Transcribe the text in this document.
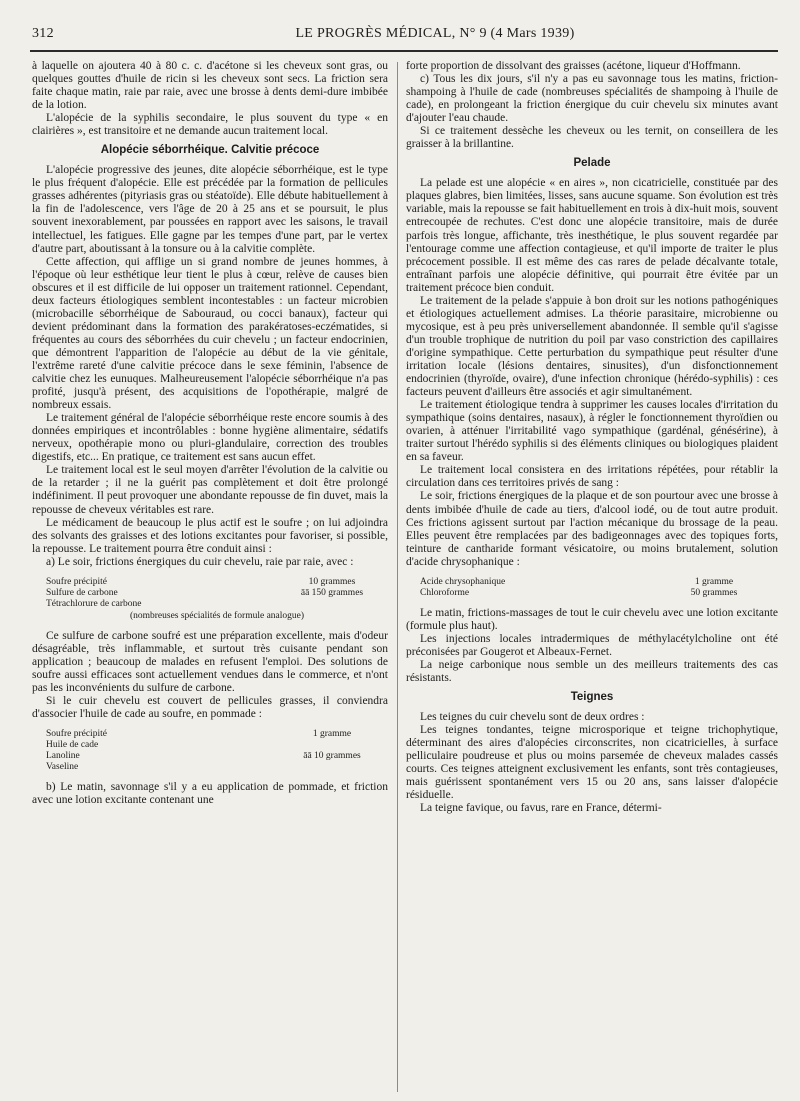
312	LE PROGRÈS MÉDICAL, N° 9 (4 Mars 1939)

à laquelle on ajoutera 40 à 80 c. c. d'acétone si les cheveux sont gras, ou quelques gouttes d'huile de ricin si les cheveux sont secs. La friction sera faite chaque matin, raie par raie, avec une brosse à dents demi-dure imbibée de la lotion.

L'alopécie de la syphilis secondaire, le plus souvent du type « en clairières », est transitoire et ne demande aucun traitement local.

Alopécie séborrhéique. Calvitie précoce

L'alopécie progressive des jeunes, dite alopécie séborrhéique, est le type le plus fréquent d'alopécie. Elle est précédée par la formation de pellicules grasses adhérentes (pityriasis gras ou stéatoïde). Elle débute habituellement à la fin de l'adolescence, vers l'âge de 20 à 25 ans et se poursuit, le plus souvent inexorablement, par poussées en rapport avec les saisons, le travail intellectuel, les fatigues. Elle gagne par les tempes d'une part, par le vertex d'autre part, aboutissant à la tonsure ou à la calvitie complète.

Cette affection, qui afflige un si grand nombre de jeunes hommes, à l'époque où leur esthétique leur tient le plus à cœur, relève de causes bien obscures et il est difficile de lui opposer un traitement rationnel. Cependant, deux facteurs étiologiques semblent incontestables : un facteur microbien (microbacille séborrhéique de Sabouraud, ou cocci banaux), facteur qui devient prédominant dans la formation des parakératoses-eczématides, si fréquentes au cours des séborrhées du cuir chevelu ; un facteur endocrinien, que démontrent l'apparition de l'alopécie au début de la vie génitale, l'extrême rareté d'une calvitie précoce dans le sexe féminin, l'absence de calvitie chez les eunuques. Malheureusement l'alopécie séborrhéique n'a pas profité, jusqu'à présent, des acquisitions de l'opothérapie, malgré de nombreux essais.

Le traitement général de l'alopécie séborrhéique reste encore soumis à des données empiriques et incontrôlables : bonne hygiène alimentaire, sédatifs nerveux, opothérapie mono ou pluri-glandulaire, correction des troubles digestifs, etc... En pratique, ce traitement est sans aucun effet.

Le traitement local est le seul moyen d'arrêter l'évolution de la calvitie ou de la retarder ; il ne la guérit pas complètement et doit être prolongé indéfiniment. Il peut provoquer une abondante repousse de fin duvet, mais la repousse de cheveux véritables est rare.

Le médicament de beaucoup le plus actif est le soufre ; on lui adjoindra des solvants des graisses et des lotions excitantes pour favoriser, si possible, la repousse. Le traitement pourra être conduit ainsi :

a) Le soir, frictions énergiques du cuir chevelu, raie par raie, avec :

Soufre précipité	10 grammes
Sulfure de carbone	āā 150 grammes
Tétrachlorure de carbone
(nombreuses spécialités de formule analogue)

Ce sulfure de carbone soufré est une préparation excellente, mais d'odeur désagréable, très inflammable, et surtout très cuisante pendant son application ; beaucoup de malades en refusent l'emploi. Des solutions de soufre aussi efficaces sont actuellement vendues dans le commerce, et n'ont pas les inconvénients du sulfure de carbone.

Si le cuir chevelu est couvert de pellicules grasses, il conviendra d'associer l'huile de cade au soufre, en pommade :

Soufre précipité	1 gramme
Huile de cade
Lanoline	āā 10 grammes
Vaseline

b) Le matin, savonnage s'il y a eu application de pommade, et friction avec une lotion excitante contenant une

forte proportion de dissolvant des graisses (acétone, liqueur d'Hoffmann.

c) Tous les dix jours, s'il n'y a pas eu savonnage tous les matins, friction-shampoing à l'huile de cade (nombreuses spécialités de shampoing à l'huile de cade), en prolongeant la friction énergique du cuir chevelu six minutes avant d'ajouter l'eau chaude.

Si ce traitement dessèche les cheveux ou les ternit, on conseillera de les graisser à la brillantine.

Pelade

La pelade est une alopécie « en aires », non cicatricielle, constituée par des plaques glabres, bien limitées, lisses, sans aucune squame. Son évolution est très variable, mais la repousse se fait habituellement en trois à dix-huit mois, souvent entrecoupée de rechutes. C'est donc une alopécie transitoire, mais de durée parfois très longue, affichante, très inesthétique, le plus souvent regardée par l'entourage comme une affection contagieuse, et qu'il importe de traiter le plus précocement possible. Il est même des cas rares de pelade décalvante totale, entraînant parfois une alopécie définitive, qui pourrait être évitée par un traitement précoce bien conduit.

Le traitement de la pelade s'appuie à bon droit sur les notions pathogéniques et étiologiques actuellement admises. La théorie parasitaire, microbienne ou mycosique, est à peu près universellement abandonnée. Il semble qu'il s'agisse d'un trouble trophique de nutrition du poil par vaso constriction des capillaires d'origine sympathique. Cette perturbation du sympathique peut résulter d'une irritation locale (lésions dentaires, sinusites), d'un disfonctionnement endocrinien (thyroïde, ovaire), d'une infection chronique (hérédo-syphilis) : ces facteurs peuvent d'ailleurs être associés et agir simultanément.

Le traitement étiologique tendra à supprimer les causes locales d'irritation du sympathique (soins dentaires, nasaux), à régler le fonctionnement thyroïdien ou ovarien, à atténuer l'irritabilité vago sympathique (gardénal, génésérine), à traiter surtout l'hérédo syphilis si des éléments cliniques ou biologiques plaident en sa faveur.

Le traitement local consistera en des irritations répétées, pour rétablir la circulation dans ces territoires privés de sang :

Le soir, frictions énergiques de la plaque et de son pourtour avec une brosse à dents imbibée d'huile de cade au tiers, d'alcool iodé, ou de tout autre produit. Ces frictions agissent surtout par l'action mécanique du brossage de la peau. Elles peuvent être remplacées par des badigeonnages avec des topiques forts, teinture de cantharide formant vésicatoire, ou moins brutalement, solution d'acide chrysophanique :

Acide chrysophanique	1 gramme
Chloroforme	50 grammes

Le matin, frictions-massages de tout le cuir chevelu avec une lotion excitante (formule plus haut).

Les injections locales intradermiques de méthylacétylcholine ont été préconisées par Gougerot et Albeaux-Fernet.

La neige carbonique nous semble un des meilleurs traitements des cas résistants.

Teignes

Les teignes du cuir chevelu sont de deux ordres :

Les teignes tondantes, teigne microsporique et teigne trichophytique, déterminant des aires d'alopécies circonscrites, non cicatricielles, à surface pelliculaire poudreuse et plus ou moins parsemée de cheveux malades cassés courts. Ces teignes atteignent exclusivement les enfants, sont très contagieuses, mais guérissent spontanément vers 15 ou 20 ans, sans laisser d'alopécie résiduelle.

La teigne favique, ou favus, rare en France, détermi-
